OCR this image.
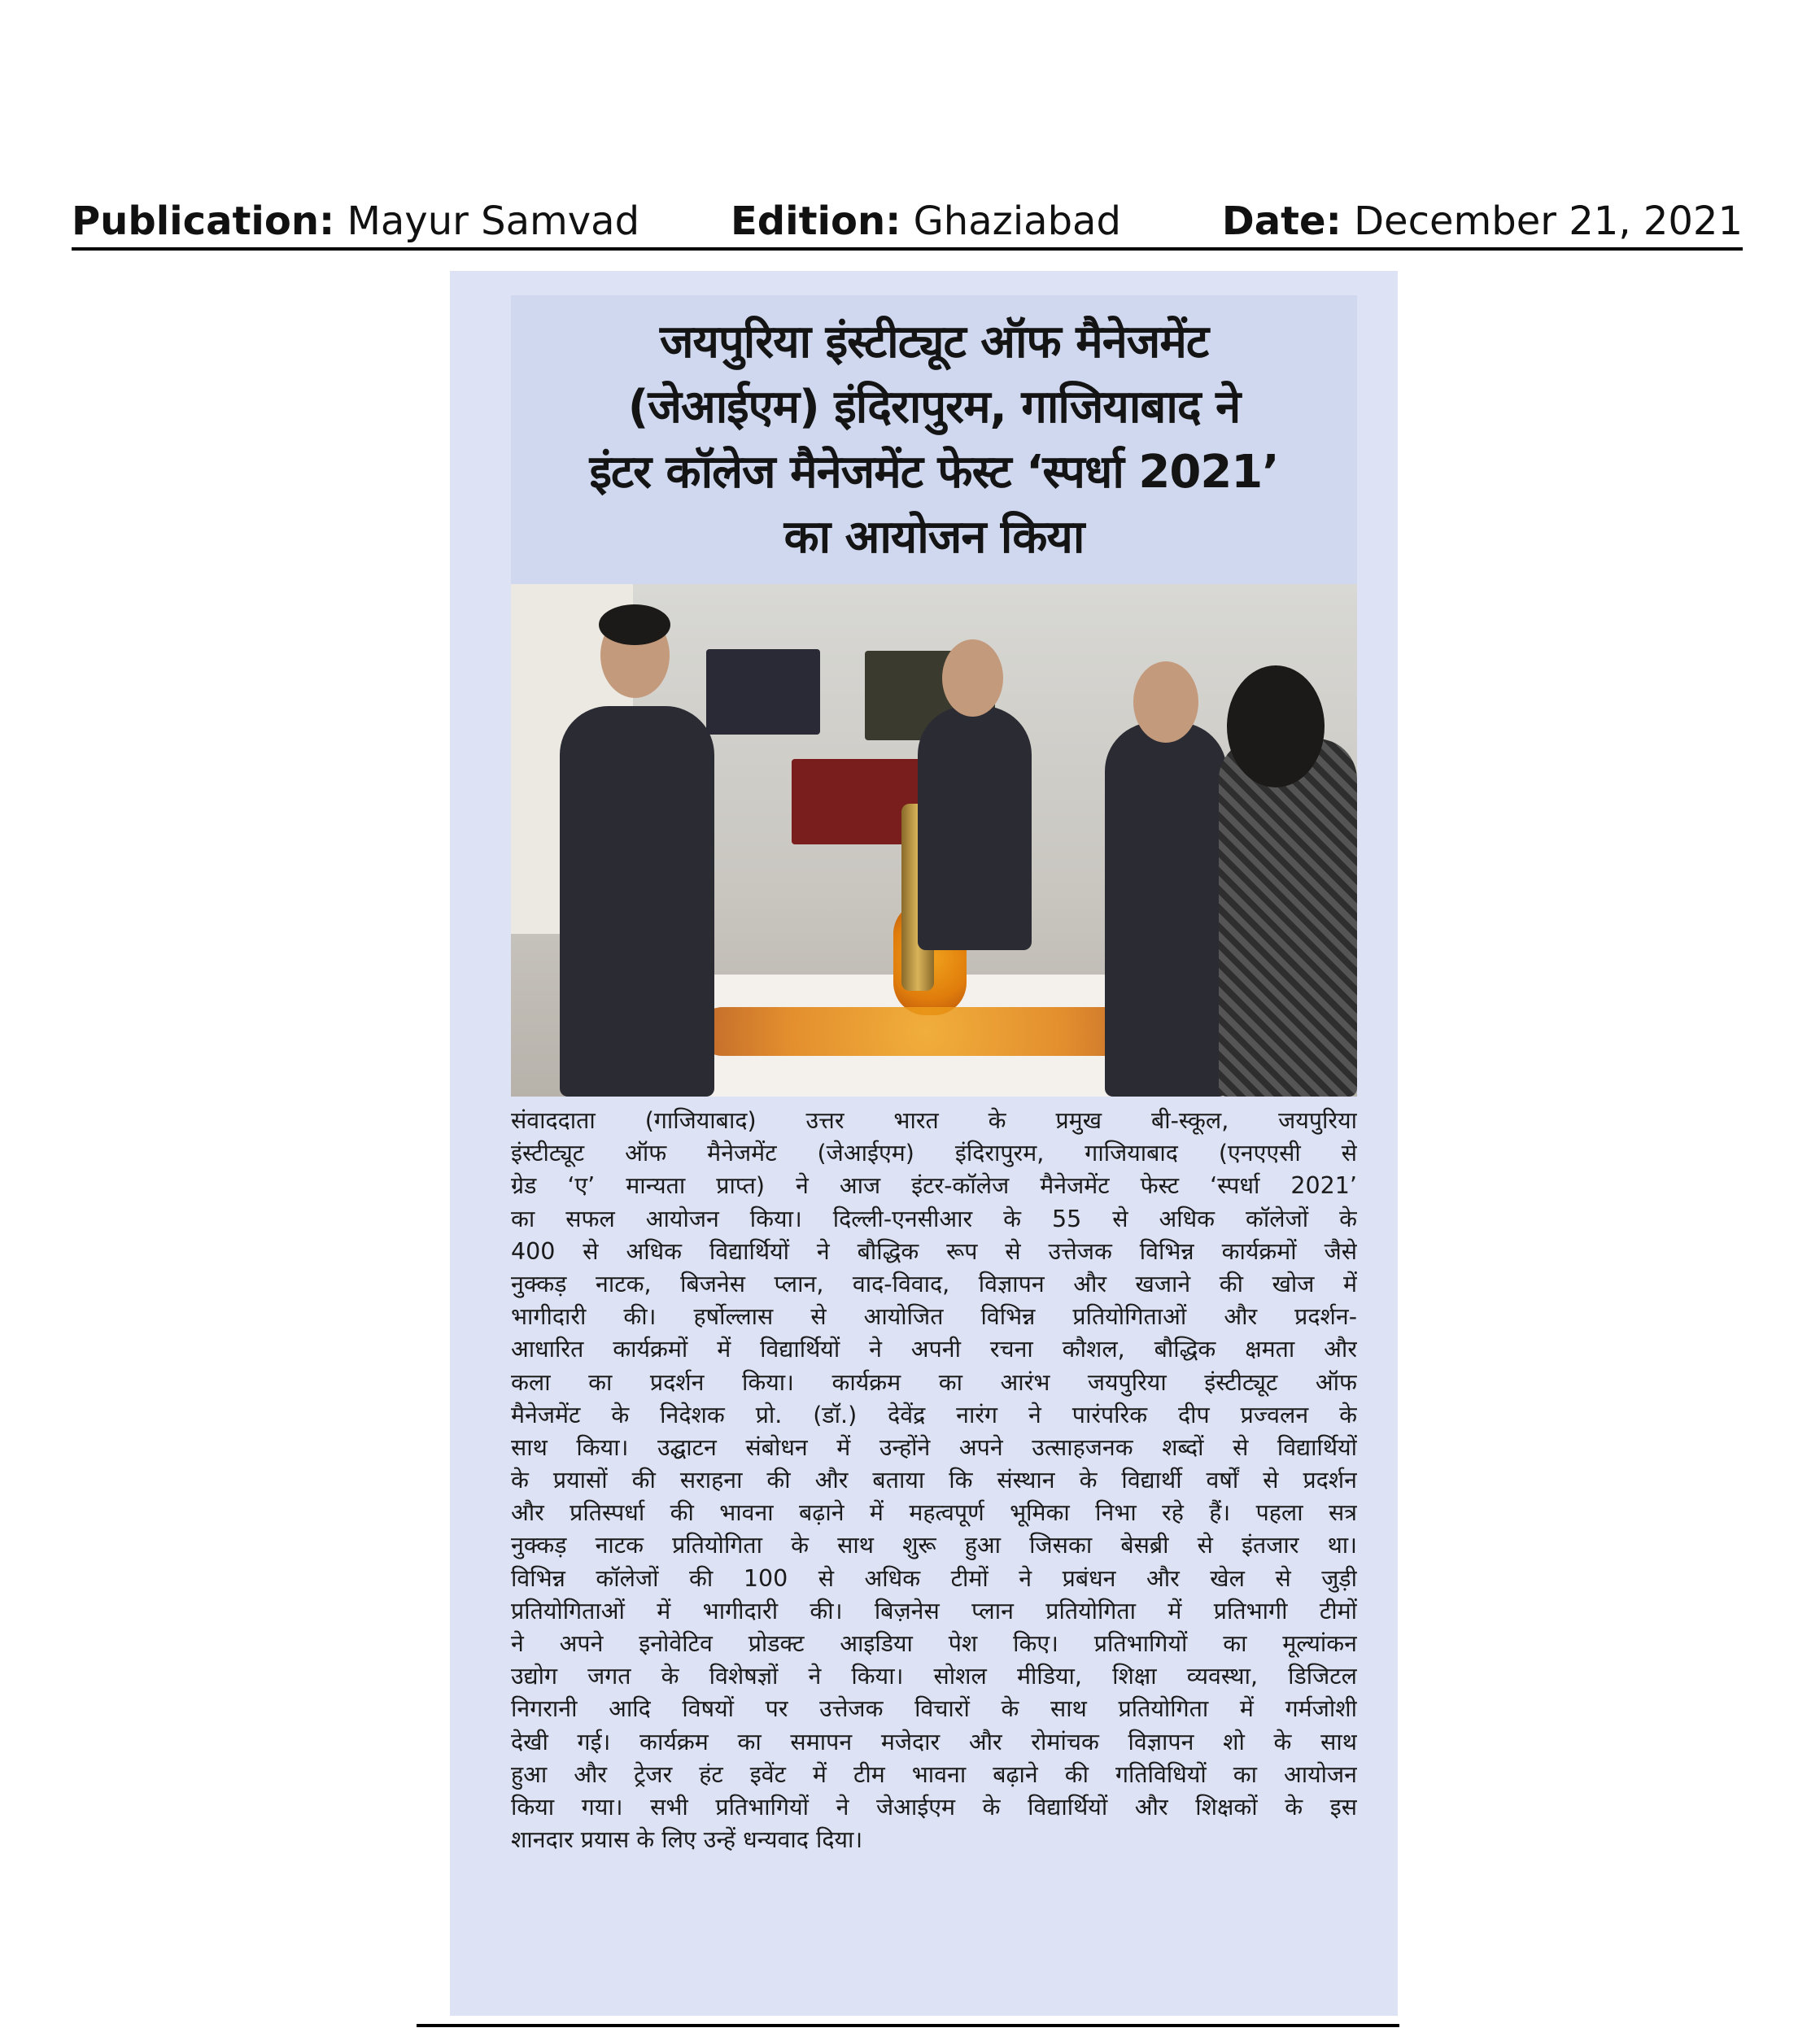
Publication: Mayur Samvad Edition: Ghaziabad	Date: December 21, 2021
जयपुरिया इंस्टीट्यूट ऑफ मैनेजमेंट
(जेआईएम) इंदिरापुरम, गाजियाबाद ने
इंटर कॉलेज मैनेजमेंट फेस्ट ‘स्पर्धा 2021’
का आयोजन किया
संवाददाता (गाजियाबाद) उत्तर भारत के प्रमुख बी-स्कूल, जयपुरिया
इंस्टीट्यूट ऑफ मैनेजमेंट (जेआईएम) इंदिरापुरम, गाजियाबाद (एनएएसी से
ग्रेड ‘ए’ मान्यता प्राप्त) ने आज इंटर-कॉलेज मैनेजमेंट फेस्ट ‘स्पर्धा 2021’
का सफल आयोजन किया। दिल्ली-एनसीआर के 55 से अधिक कॉलेजों के
400 से अधिक विद्यार्थियों ने बौद्धिक रूप से उत्तेजक विभिन्न कार्यक्रमों जैसे
नुक्कड़ नाटक, बिजनेस प्लान, वाद-विवाद, विज्ञापन और खजाने की खोज में
भागीदारी की। हर्षोल्लास से आयोजित विभिन्न प्रतियोगिताओं और प्रदर्शन-
आधारित कार्यक्रमों में विद्यार्थियों ने अपनी रचना कौशल, बौद्धिक क्षमता और
कला का प्रदर्शन किया। कार्यक्रम का आरंभ जयपुरिया इंस्टीट्यूट ऑफ
मैनेजमेंट के निदेशक प्रो. (डॉ.) देवेंद्र नारंग ने पारंपरिक दीप प्रज्वलन के
साथ किया। उद्घाटन संबोधन में उन्होंने अपने उत्साहजनक शब्दों से विद्यार्थियों
के प्रयासों की सराहना की और बताया कि संस्थान के विद्यार्थी वर्षों से प्रदर्शन
और प्रतिस्पर्धा की भावना बढ़ाने में महत्वपूर्ण भूमिका निभा रहे हैं। पहला सत्र
नुक्कड़ नाटक प्रतियोगिता के साथ शुरू हुआ जिसका बेसब्री से इंतजार था।
विभिन्न कॉलेजों की 100 से अधिक टीमों ने प्रबंधन और खेल से जुड़ी
प्रतियोगिताओं में भागीदारी की। बिज़नेस प्लान प्रतियोगिता में प्रतिभागी टीमों
ने अपने इनोवेटिव प्रोडक्ट आइडिया पेश किए। प्रतिभागियों का मूल्यांकन
उद्योग जगत के विशेषज्ञों ने किया। सोशल मीडिया, शिक्षा व्यवस्था, डिजिटल
निगरानी आदि विषयों पर उत्तेजक विचारों के साथ प्रतियोगिता में गर्मजोशी
देखी गई। कार्यक्रम का समापन मजेदार और रोमांचक विज्ञापन शो के साथ
हुआ और ट्रेजर हंट इवेंट में टीम भावना बढ़ाने की गतिविधियों का आयोजन
किया गया। सभी प्रतिभागियों ने जेआईएम के विद्यार्थियों और शिक्षकों के इस
शानदार प्रयास के लिए उन्हें धन्यवाद दिया।
